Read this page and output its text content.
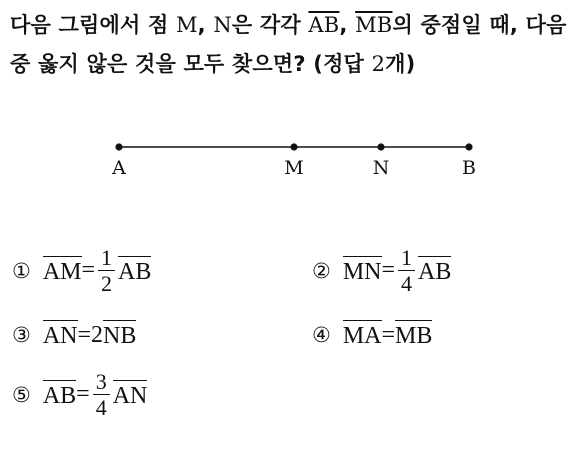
다음 그림에서 점 M, N은 각각 $\overline{AB}$, $\overline{MB}$의 중점일 때, 다음 중 옳지 않은 것을 모두 찾으면? (정답 2개)
A	M	N	B
① AM = $\frac{1}{2}$ AB	② MN = $\frac{1}{4}$ AB
③ AN = 2 NB	④ MA = MB
⑤ AB = $\frac{3}{4}$ AN
